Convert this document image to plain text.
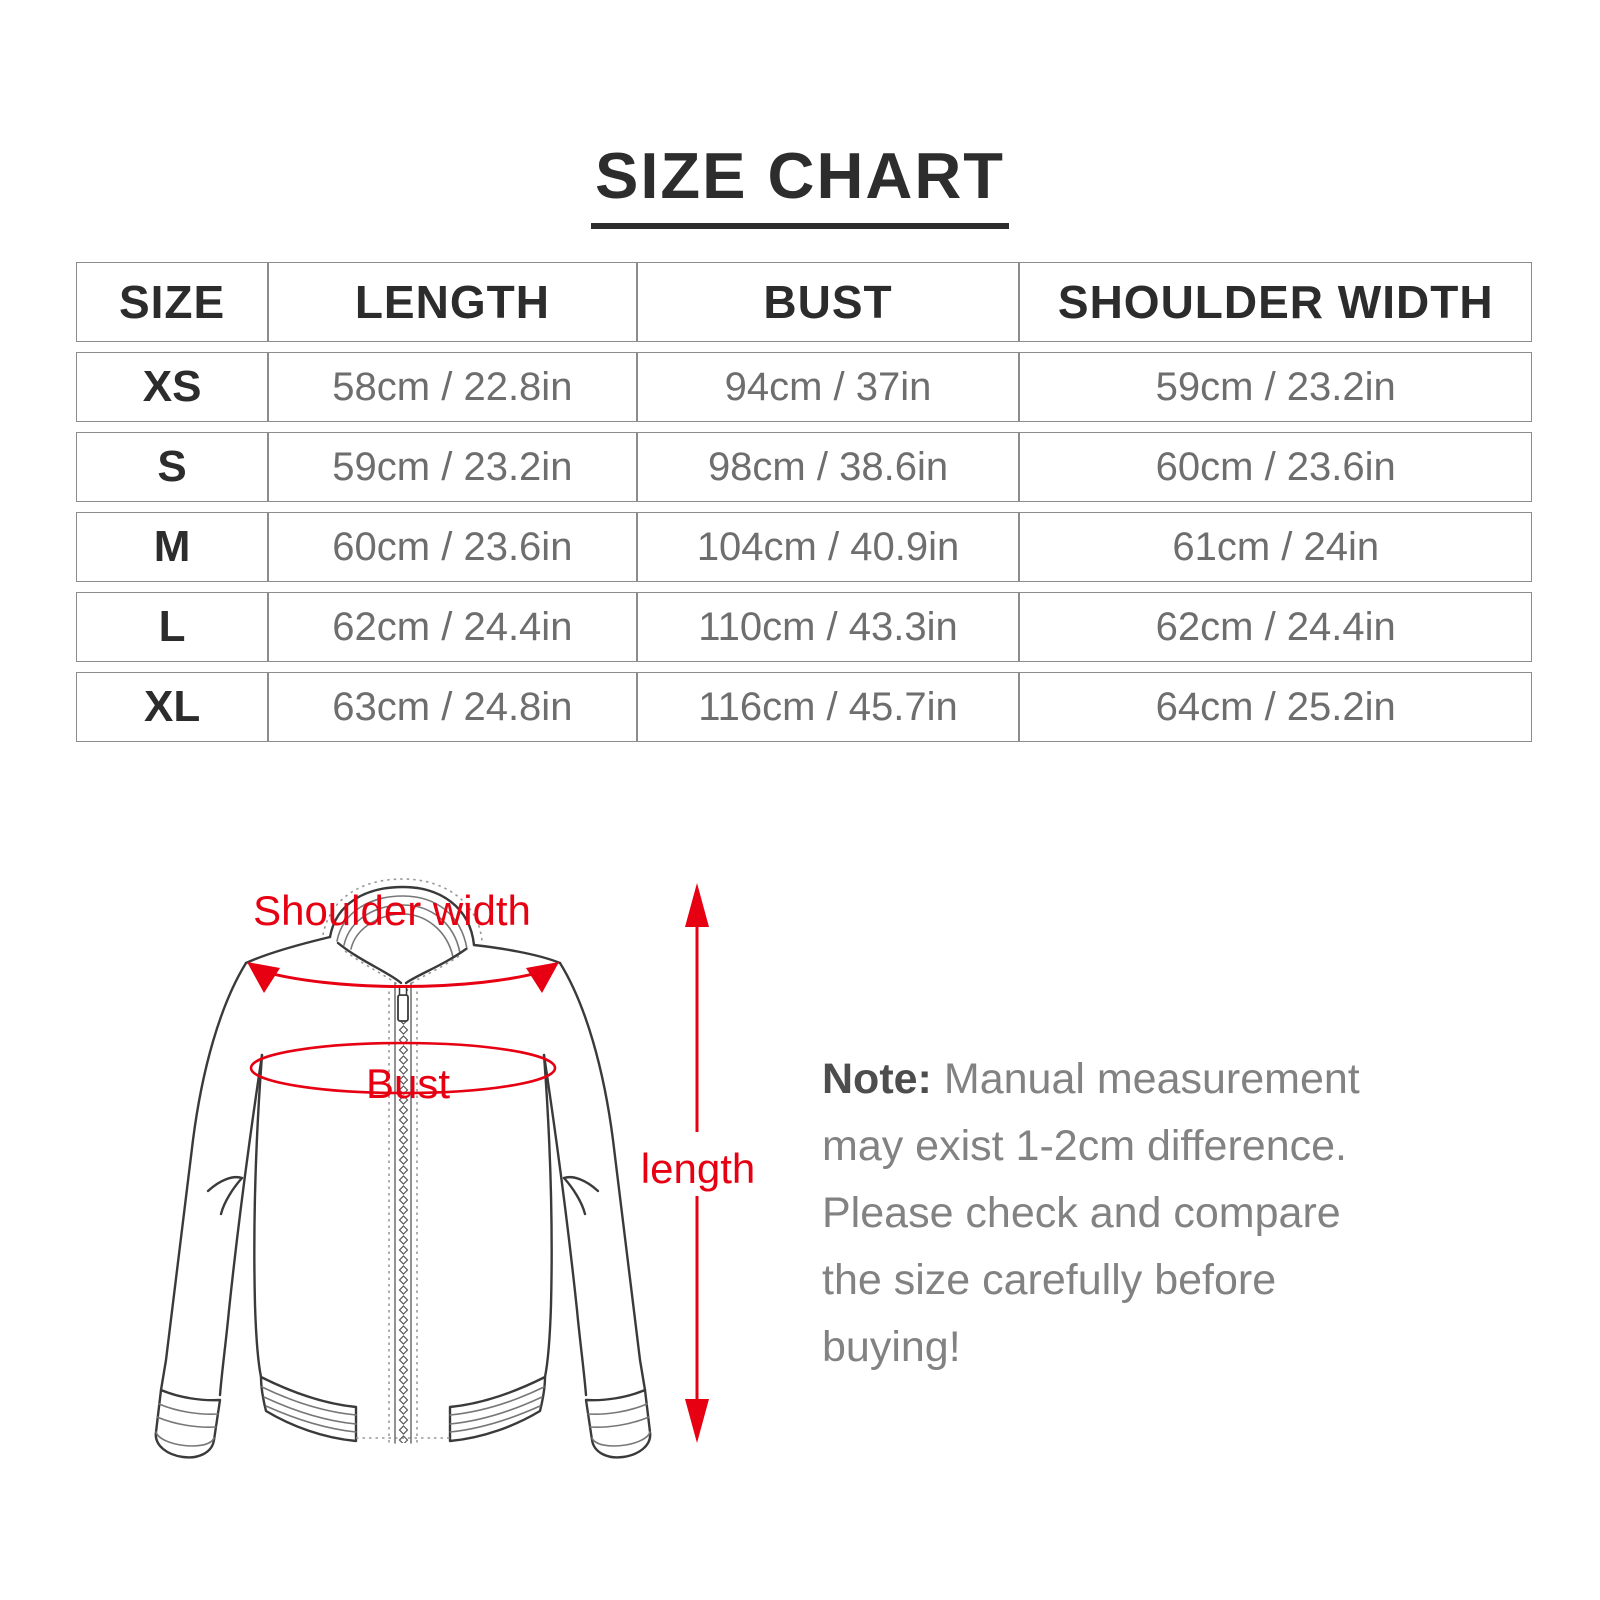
SIZE CHART
SIZE	LENGTH	BUST	SHOULDER WIDTH
XS	58cm / 22.8in	94cm / 37in	59cm / 23.2in
S	59cm / 23.2in	98cm / 38.6in	60cm / 23.6in
M	60cm / 23.6in	104cm / 40.9in	61cm / 24in
L	62cm / 24.4in	110cm / 43.3in	62cm / 24.4in
XL	63cm / 24.8in	116cm / 45.7in	64cm / 25.2in
Shoulder width
Bust
length
Note: Manual measurement may exist 1-2cm difference. Please check and compare the size carefully before buying!
